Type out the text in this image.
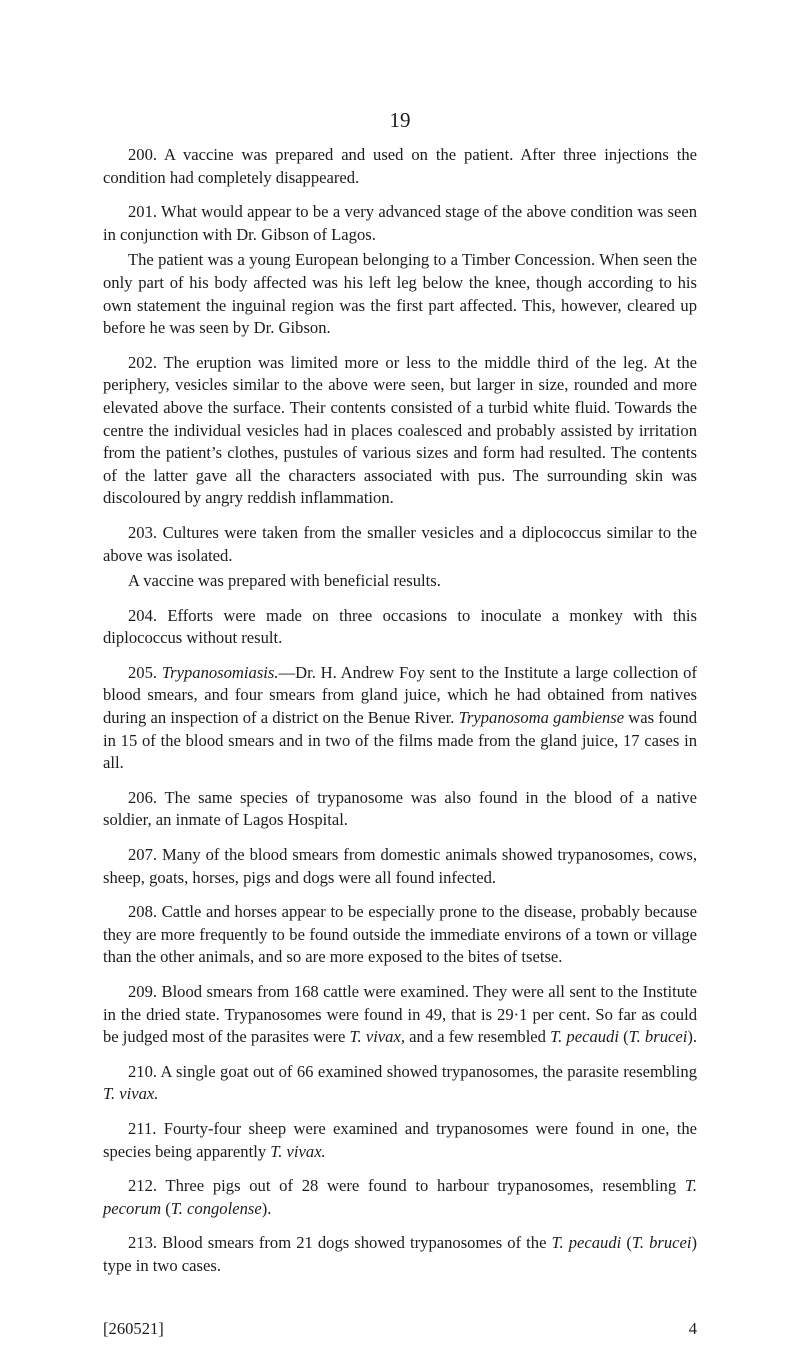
19

200. A vaccine was prepared and used on the patient. After three injections the condition had completely disappeared.

201. What would appear to be a very advanced stage of the above condition was seen in conjunction with Dr. Gibson of Lagos.

The patient was a young European belonging to a Timber Concession. When seen the only part of his body affected was his left leg below the knee, though according to his own statement the inguinal region was the first part affected. This, however, cleared up before he was seen by Dr. Gibson.

202. The eruption was limited more or less to the middle third of the leg. At the periphery, vesicles similar to the above were seen, but larger in size, rounded and more elevated above the surface. Their contents consisted of a turbid white fluid. Towards the centre the individual vesicles had in places coalesced and probably assisted by irritation from the patient’s clothes, pustules of various sizes and form had resulted. The contents of the latter gave all the characters associated with pus. The surrounding skin was discoloured by angry reddish inflammation.

203. Cultures were taken from the smaller vesicles and a diplococcus similar to the above was isolated.

A vaccine was prepared with beneficial results.

204. Efforts were made on three occasions to inoculate a monkey with this diplococcus without result.

205. Trypanosomiasis.—Dr. H. Andrew Foy sent to the Institute a large collection of blood smears, and four smears from gland juice, which he had obtained from natives during an inspection of a district on the Benue River. Trypanosoma gambiense was found in 15 of the blood smears and in two of the films made from the gland juice, 17 cases in all.

206. The same species of trypanosome was also found in the blood of a native soldier, an inmate of Lagos Hospital.

207. Many of the blood smears from domestic animals showed trypanosomes, cows, sheep, goats, horses, pigs and dogs were all found infected.

208. Cattle and horses appear to be especially prone to the disease, probably because they are more frequently to be found outside the immediate environs of a town or village than the other animals, and so are more exposed to the bites of tsetse.

209. Blood smears from 168 cattle were examined. They were all sent to the Institute in the dried state. Trypanosomes were found in 49, that is 29·1 per cent. So far as could be judged most of the parasites were T. vivax, and a few resembled T. pecaudi (T. brucei).

210. A single goat out of 66 examined showed trypanosomes, the parasite resembling T. vivax.

211. Fourty-four sheep were examined and trypanosomes were found in one, the species being apparently T. vivax.

212. Three pigs out of 28 were found to harbour trypanosomes, resembling T. pecorum (T. congolense).

213. Blood smears from 21 dogs showed trypanosomes of the T. pecaudi (T. brucei) type in two cases.

[260521]	4
